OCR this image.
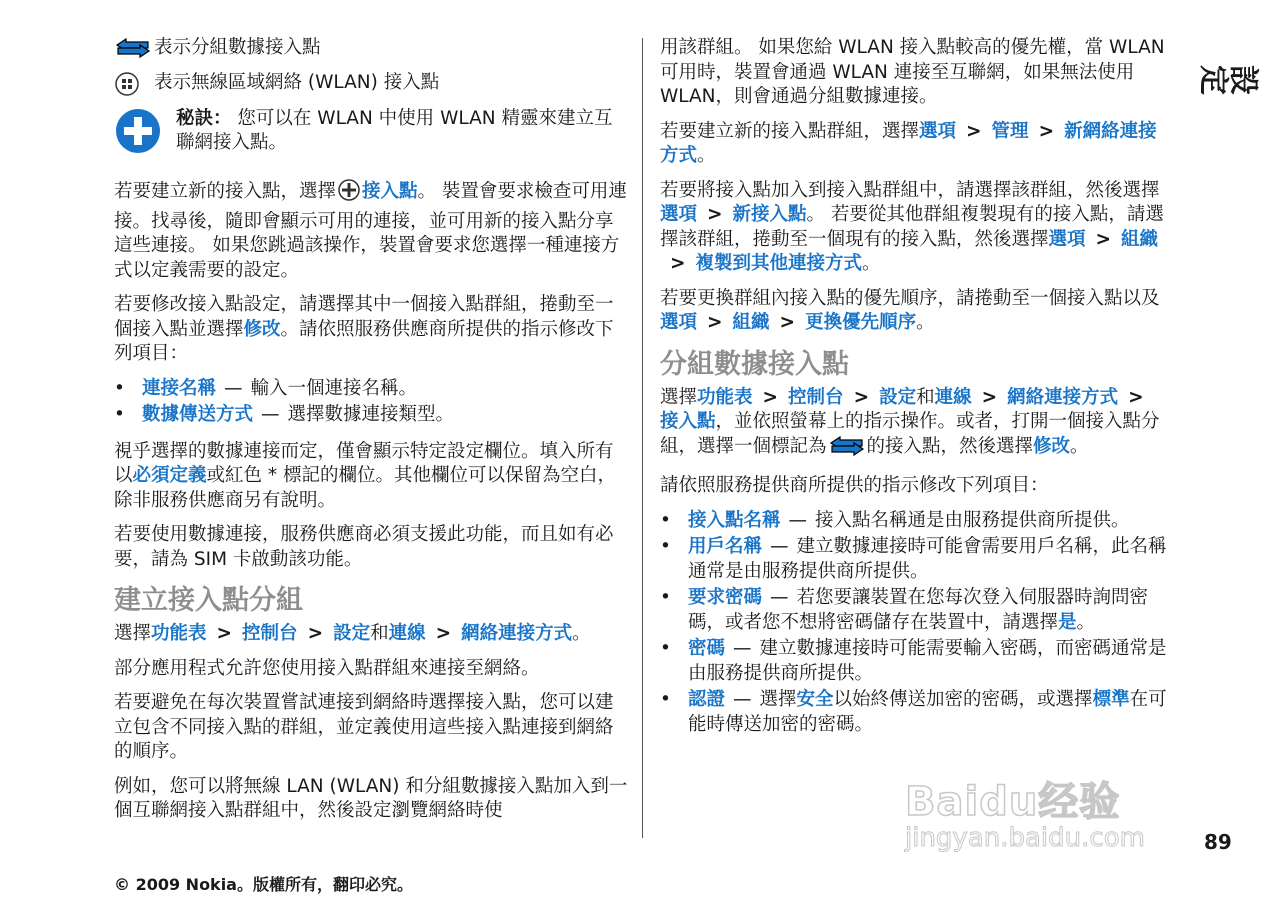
表示分組數據接入點
表示無線區域網絡 (WLAN) 接入點
秘訣： 您可以在 WLAN 中使用 WLAN 精靈來建立互聯網接入點。

若要建立新的接入點，選擇 接入點。 裝置會要求檢查可用連接。找尋後，隨即會顯示可用的連接，並可用新的接入點分享這些連接。 如果您跳過該操作，裝置會要求您選擇一種連接方式以定義需要的設定。

若要修改接入點設定，請選擇其中一個接入點群組，捲動至一個接入點並選擇修改。請依照服務供應商所提供的指示修改下列項目：

• 連接名稱 — 輸入一個連接名稱。
• 數據傳送方式 — 選擇數據連接類型。

視乎選擇的數據連接而定，僅會顯示特定設定欄位。填入所有以必須定義或紅色 * 標記的欄位。其他欄位可以保留為空白，除非服務供應商另有說明。

若要使用數據連接，服務供應商必須支援此功能，而且如有必要，請為 SIM 卡啟動該功能。

建立接入點分組

選擇功能表 > 控制台 > 設定和連線 > 網絡連接方式。

部分應用程式允許您使用接入點群組來連接至網絡。

若要避免在每次裝置嘗試連接到網絡時選擇接入點，您可以建立包含不同接入點的群組，並定義使用這些接入點連接到網絡的順序。

例如，您可以將無線 LAN (WLAN) 和分組數據接入點加入到一個互聯網接入點群組中，然後設定瀏覽網絡時使

用該群組。 如果您給 WLAN 接入點較高的優先權，當 WLAN 可用時，裝置會通過 WLAN 連接至互聯網，如果無法使用 WLAN，則會通過分組數據連接。

若要建立新的接入點群組，選擇選項 > 管理 > 新網絡連接方式。

若要將接入點加入到接入點群組中，請選擇該群組，然後選擇選項 > 新接入點。 若要從其他群組複製現有的接入點，請選擇該群組，捲動至一個現有的接入點，然後選擇選項 > 組織> 複製到其他連接方式。

若要更換群組內接入點的優先順序，請捲動至一個接入點以及選項 > 組織 > 更換優先順序。

分組數據接入點

選擇功能表 > 控制台 > 設定和連線 > 網絡連接方式 >接入點，並依照螢幕上的指示操作。或者，打開一個接入點分組，選擇一個標記為 的接入點，然後選擇修改。

請依照服務提供商所提供的指示修改下列項目：

• 接入點名稱 — 接入點名稱通是由服務提供商所提供。
• 用戶名稱 — 建立數據連接時可能會需要用戶名稱，此名稱通常是由服務提供商所提供。
• 要求密碼 — 若您要讓裝置在您每次登入伺服器時詢問密碼，或者您不想將密碼儲存在裝置中，請選擇是。
• 密碼 — 建立數據連接時可能需要輸入密碼，而密碼通常是由服務提供商所提供。
• 認證 — 選擇安全以始終傳送加密的密碼，或選擇標準在可能時傳送加密的密碼。
設定
Baidu经验
jingyan.baidu.com	89
© 2009 Nokia。版權所有，翻印必究。
